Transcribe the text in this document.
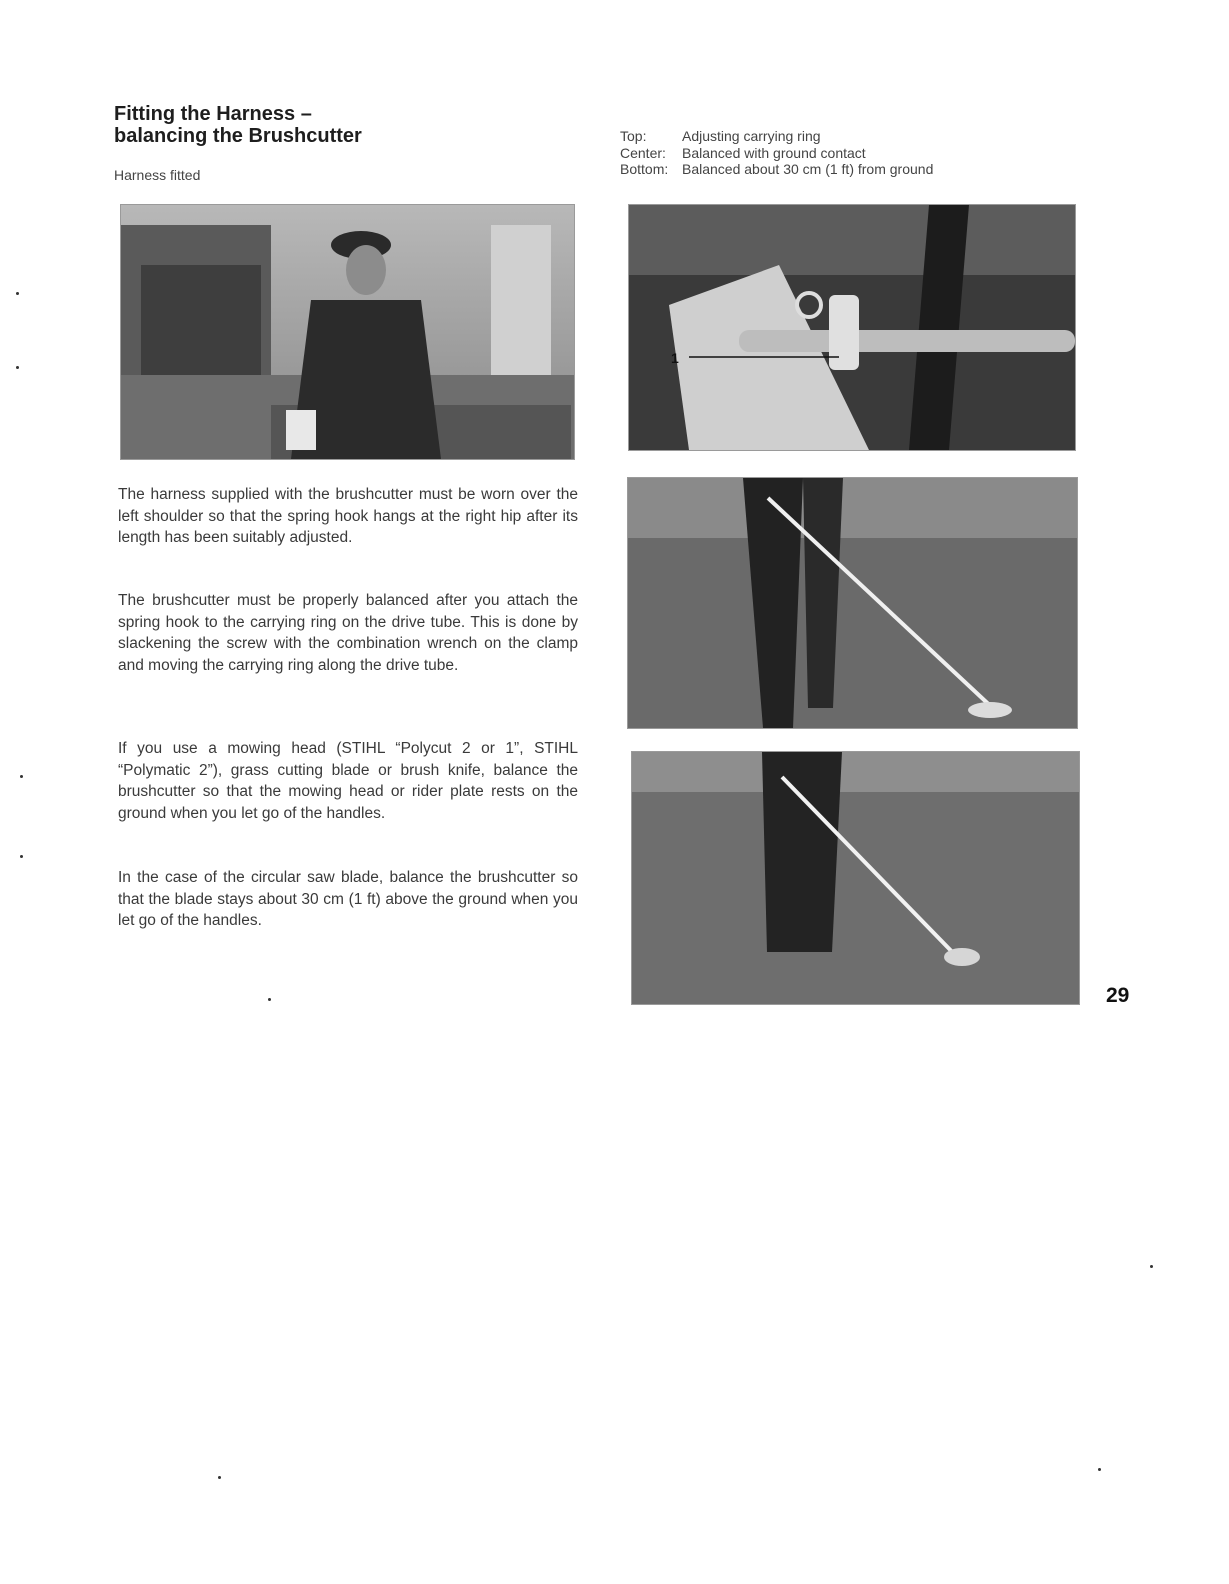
Fitting the Harness –
balancing the Brushcutter
Harness fitted
Top:	Adjusting carrying ring
Center:	Balanced with ground contact
Bottom: Balanced about 30 cm (1 ft) from ground
1
The harness supplied with the brushcutter must be worn over the left shoulder so that the spring hook hangs at the right hip after its length has been suitably adjusted.
The brushcutter must be properly balanced after you attach the spring hook to the carrying ring on the drive tube. This is done by slackening the screw with the combination wrench on the clamp and moving the carrying ring along the drive tube.
If you use a mowing head (STIHL “Polycut 2 or 1”, STIHL “Polymatic 2”), grass cutting blade or brush knife, balance the brushcutter so that the mowing head or rider plate rests on the ground when you let go of the handles.
In the case of the circular saw blade, balance the brushcutter so that the blade stays about 30 cm (1 ft) above the ground when you let go of the handles.
29
